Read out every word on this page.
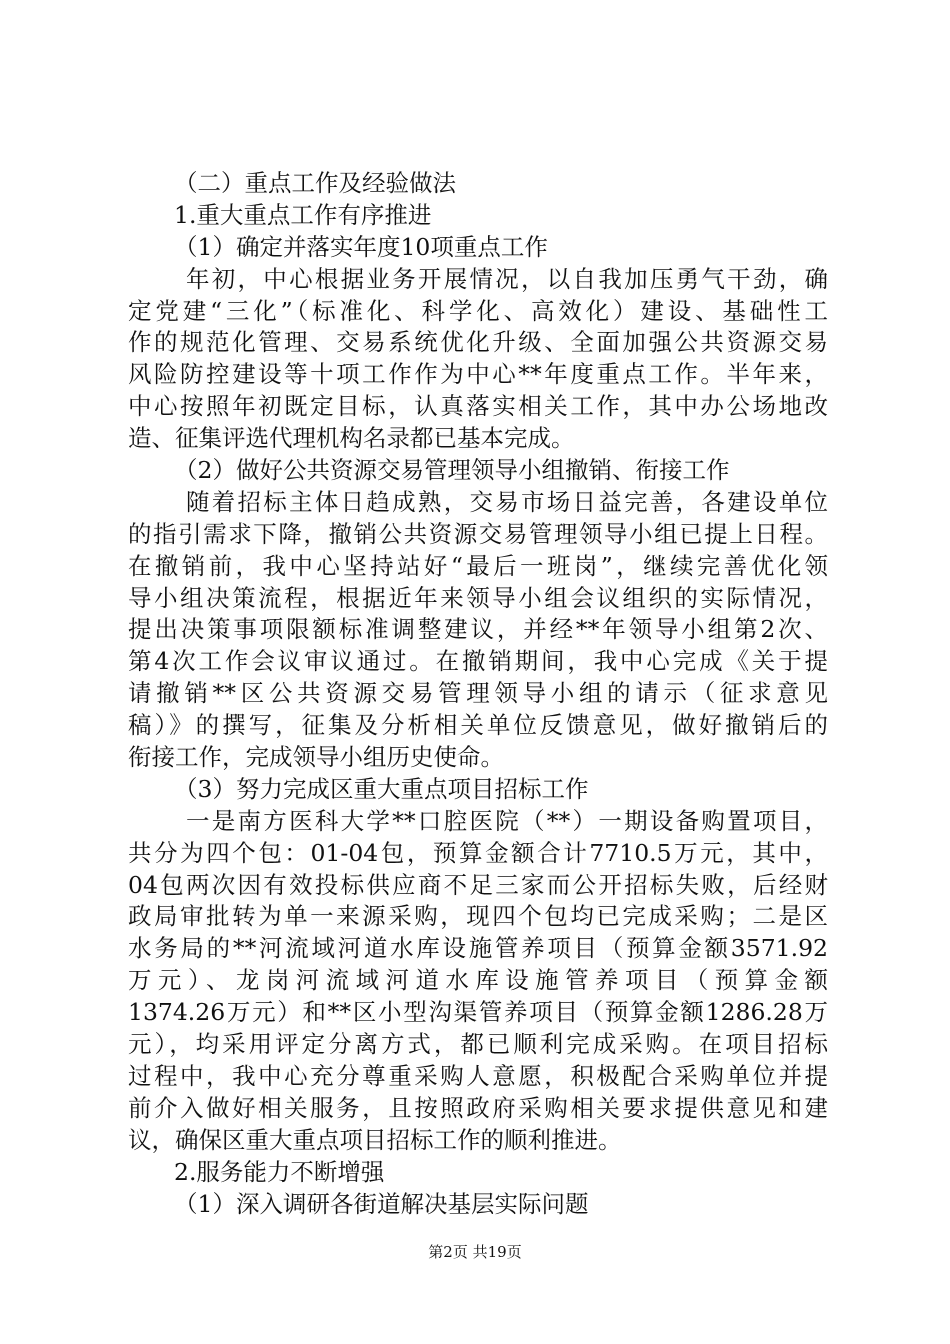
（二）重点工作及经验做法
1.重大重点工作有序推进
（1）确定并落实年度10项重点工作
年初，中心根据业务开展情况，以自我加压勇气干劲，确
定党建“三化”（标准化、科学化、高效化）建设、基础性工
作的规范化管理、交易系统优化升级、全面加强公共资源交易
风险防控建设等十项工作作为中心**年度重点工作。半年来，
中心按照年初既定目标，认真落实相关工作，其中办公场地改
造、征集评选代理机构名录都已基本完成。
（2）做好公共资源交易管理领导小组撤销、衔接工作
随着招标主体日趋成熟，交易市场日益完善，各建设单位
的指引需求下降，撤销公共资源交易管理领导小组已提上日程。
在撤销前，我中心坚持站好“最后一班岗”，继续完善优化领
导小组决策流程，根据近年来领导小组会议组织的实际情况，
提出决策事项限额标准调整建议，并经**年领导小组第2次、
第4次工作会议审议通过。在撤销期间，我中心完成《关于提
请撤销**区公共资源交易管理领导小组的请示（征求意见
稿）》的撰写，征集及分析相关单位反馈意见，做好撤销后的
衔接工作，完成领导小组历史使命。
（3）努力完成区重大重点项目招标工作
一是南方医科大学**口腔医院（**）一期设备购置项目，
共分为四个包：01-04包，预算金额合计7710.5万元，其中，
04包两次因有效投标供应商不足三家而公开招标失败，后经财
政局审批转为单一来源采购，现四个包均已完成采购；二是区
水务局的**河流域河道水库设施管养项目（预算金额3571.92
万元）、龙岗河流域河道水库设施管养项目（预算金额
1374.26万元）和**区小型沟渠管养项目（预算金额1286.28万
元），均采用评定分离方式，都已顺利完成采购。在项目招标
过程中，我中心充分尊重采购人意愿，积极配合采购单位并提
前介入做好相关服务，且按照政府采购相关要求提供意见和建
议，确保区重大重点项目招标工作的顺利推进。
2.服务能力不断增强
（1）深入调研各街道解决基层实际问题
第2页 共19页
